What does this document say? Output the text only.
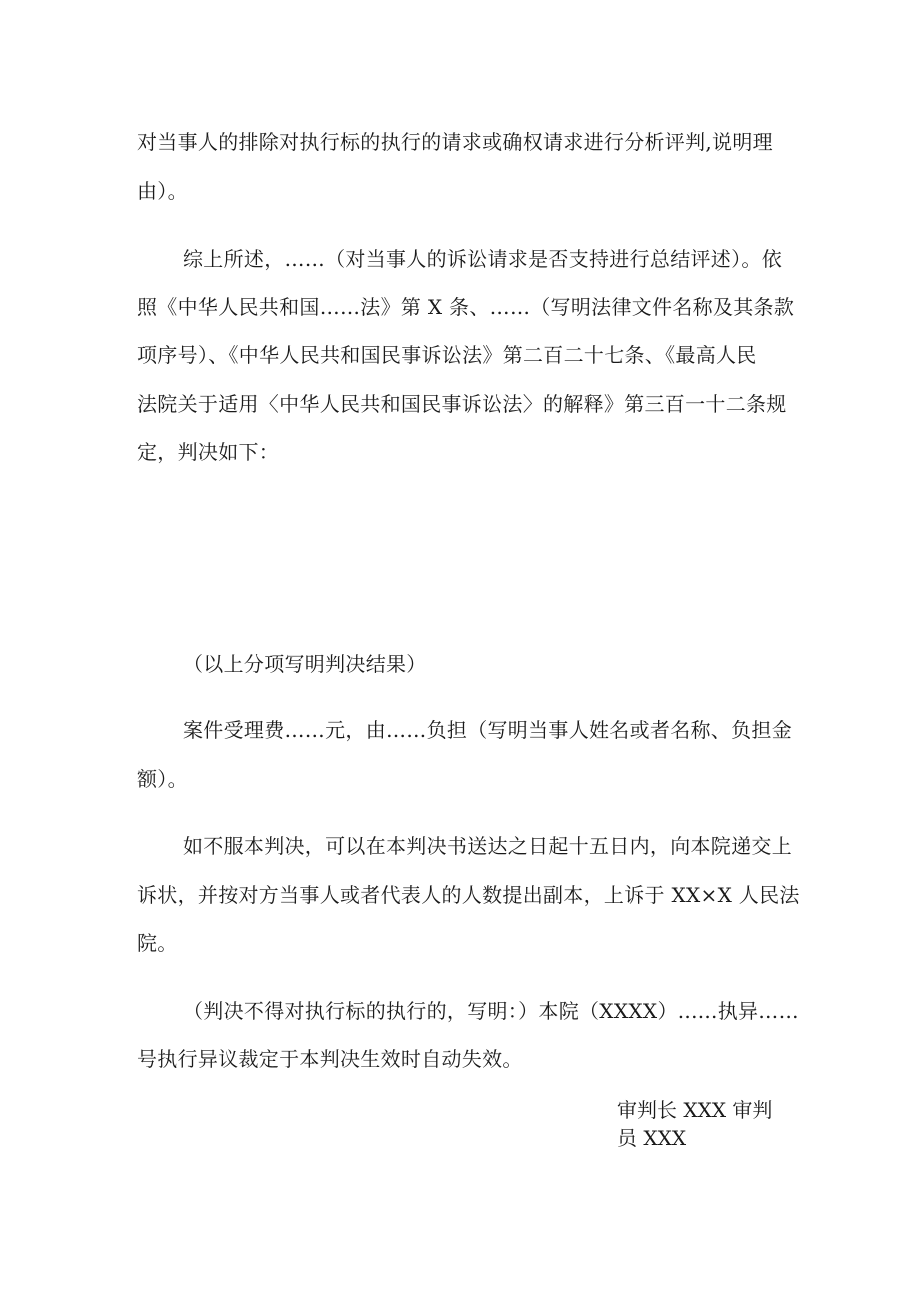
对当事人的排除对执行标的执行的请求或确权请求进行分析评判,说明理
由）。
综上所述，……（对当事人的诉讼请求是否支持进行总结评述）。依
照《中华人民共和国……法》第 X 条、……（写明法律文件名称及其条款
项序号）、《中华人民共和国民事诉讼法》第二百二十七条、《最高人民
法院关于适用〈中华人民共和国民事诉讼法〉的解释》第三百一十二条规
定，判决如下：
（以上分项写明判决结果）
案件受理费……元，由……负担（写明当事人姓名或者名称、负担金
额）。
如不服本判决，可以在本判决书送达之日起十五日内，向本院递交上
诉状，并按对方当事人或者代表人的人数提出副本，上诉于 XX×X 人民法
院。
（判决不得对执行标的执行的，写明：）本院（XXXX）......执异……
号执行异议裁定于本判决生效时自动失效。
审判长 XXX 审判
员 XXX
